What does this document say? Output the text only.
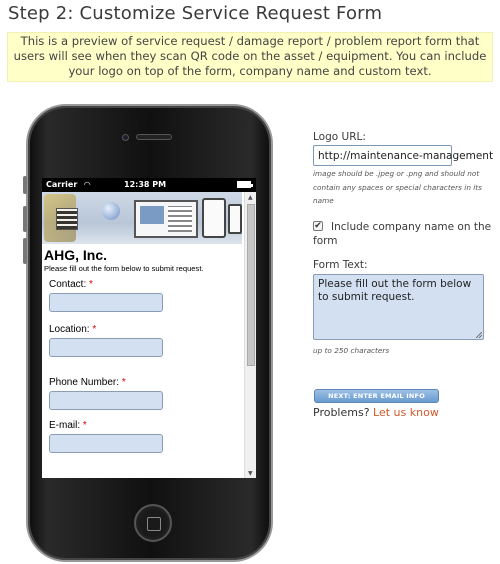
Step 2: Customize Service Request Form
This is a preview of service request / damage report / problem report form that users will see when they scan QR code on the asset / equipment. You can include your logo on top of the form, company name and custom text.
Carrier ◠	12:38 PM
AHG, Inc.
Please fill out the form below to submit request.
Contact: *
Location: *
Phone Number: *
E-mail: *
▲
▼
Logo URL:
http://maintenance-management
image should be .jpeg or .png and should not contain any spaces or special characters in its name
✔ Include company name on the form
Form Text:
Please fill out the form below to submit request.
up to 250 characters
NEXT: ENTER EMAIL INFO
Problems? Let us know
